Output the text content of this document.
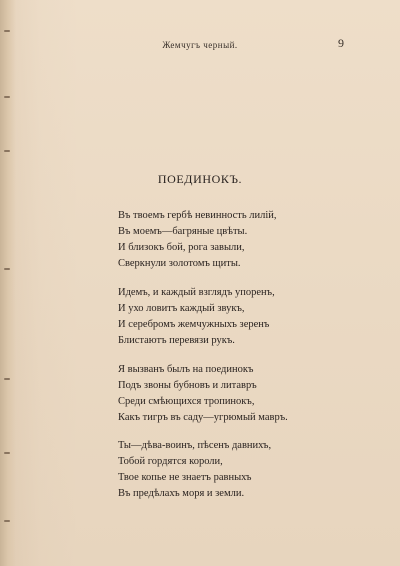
Жемчугъ черный.	9
ПОЕДИНОКЪ.
Въ твоемъ гербѣ невинность лилій,
Въ моемъ—багряные цвѣты.
И близокъ бой, рога завыли,
Сверкнули золотомъ щиты.
Идемъ, и каждый взглядъ упоренъ,
И ухо ловитъ каждый звукъ,
И серебромъ жемчужныхъ зеренъ
Блистаютъ перевязи рукъ.
Я вызванъ былъ на поединокъ
Подъ звоны бубновъ и литавръ
Среди смѣющихся тропинокъ,
Какъ тигръ въ саду—угрюмый мавръ.
Ты—дѣва-воинъ, пѣсенъ давнихъ,
Тобой гордятся короли,
Твое копье не знаетъ равныхъ
Въ предѣлахъ моря и земли.
